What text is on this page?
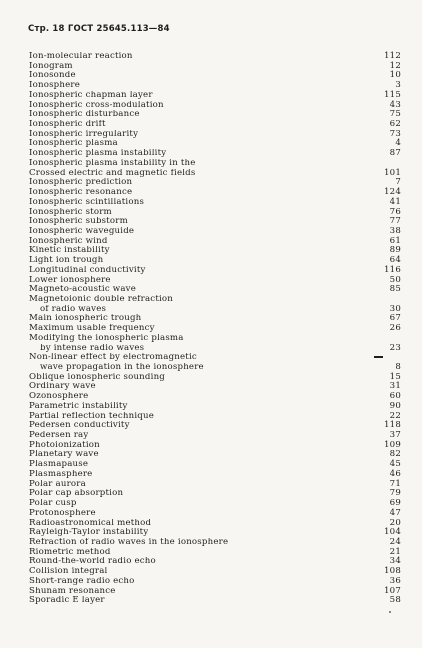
Стр. 18 ГОСТ 25645.113—84
Ion-molecular reaction	112
Ionogram	12
Ionosonde	10
Ionosphere	3
Ionospheric chapman layer	115
Ionospheric cross-modulation	43
Ionospheric disturbance	75
Ionospheric drift	62
Ionospheric irregularity	73
Ionospheric plasma	4
Ionospheric plasma instability	87
Ionospheric plasma instability in the
Crossed electric and magnetic fields	101
Ionospheric prediction	7
Ionospheric resonance	124
Ionospheric scintillations	41
Ionospheric storm	76
Ionospheric substorm	77
Ionospheric waveguide	38
Ionospheric wind	61
Kinetic instability	89
Light ion trough	64
Longitudinal conductivity	116
Lower ionosphere	50
Magneto-acoustic wave	85
Magnetoionic double refraction
of radio waves	30
Main ionospheric trough	67
Maximum usable frequency	26
Modifying the ionospheric plasma
by intense radio waves	23
Non-linear effect by electromagnetic
wave propagation in the ionosphere	8
Oblique ionospheric sounding	15
Ordinary wave	31
Ozonosphere	60
Parametric instability	90
Partial reflection technique	22
Pedersen conductivity	118
Pedersen ray	37
Photoionization	109
Planetary wave	82
Plasmapause	45
Plasmasphere	46
Polar aurora	71
Polar cap absorption	79
Polar cusp	69
Protonosphere	47
Radioastronomical method	20
Rayleigh-Taylor instability	104
Refraction of radio waves in the ionosphere	24
Riometric method	21
Round-the-world radio echo	34
Collision integral	108
Short-range radio echo	36
Shunam resonance	107
Sporadic E layer	58
